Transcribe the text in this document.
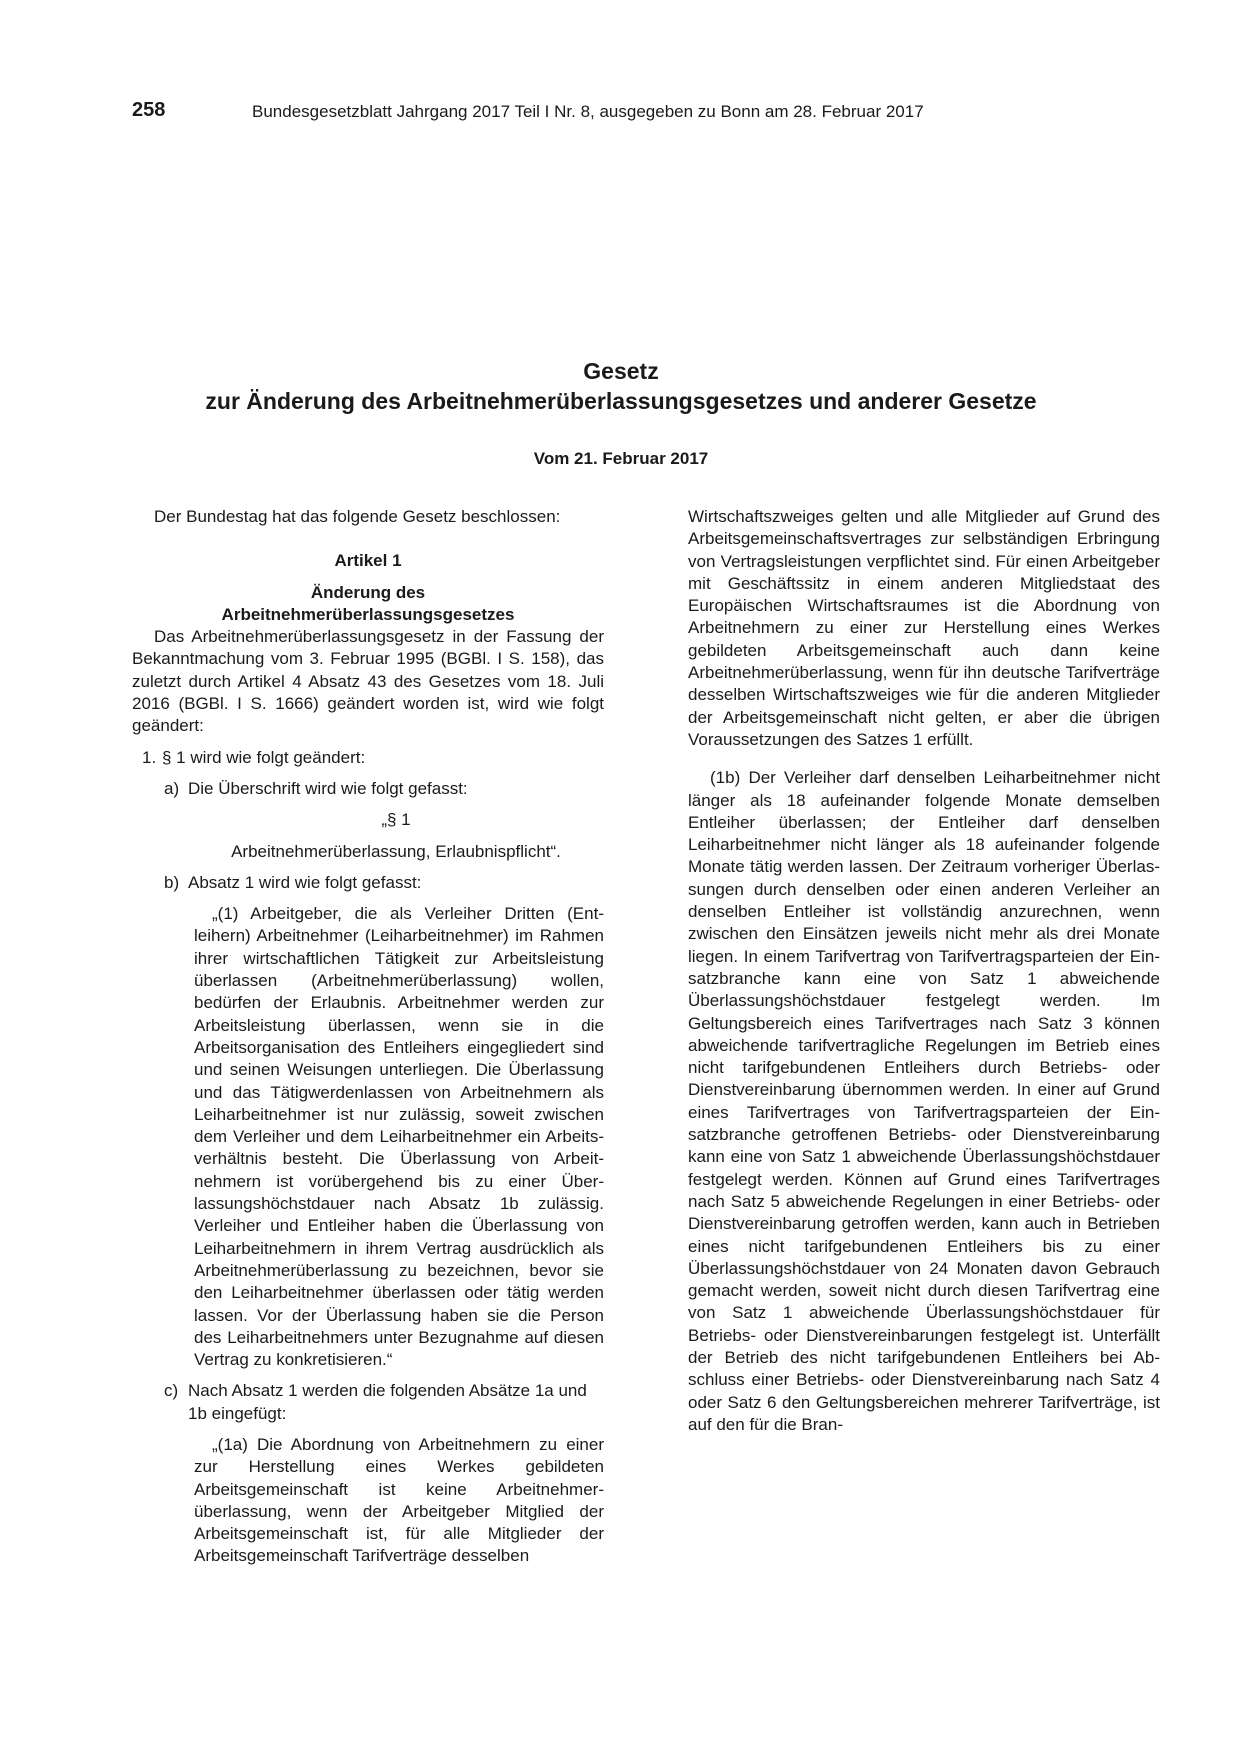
258	Bundesgesetzblatt Jahrgang 2017 Teil I Nr. 8, ausgegeben zu Bonn am 28. Februar 2017

Gesetz

zur Änderung des Arbeitnehmerüberlassungsgesetzes und anderer Gesetze

Vom 21. Februar 2017

Der Bundestag hat das folgende Gesetz beschlossen:

Artikel 1

Änderung des

Arbeitnehmerüberlassungsgesetzes

Das Arbeitnehmerüberlassungsgesetz in der Fassung der Bekanntmachung vom 3. Februar 1995 (BGBl. I S. 158), das zuletzt durch Artikel 4 Absatz 43 des Gesetzes vom 18. Juli 2016 (BGBl. I S. 1666) geändert worden ist, wird wie folgt geändert:

1. § 1 wird wie folgt geändert:
a) Die Überschrift wird wie folgt gefasst:

„§ 1

Arbeitnehmerüberlassung, Erlaubnispflicht“.

b) Absatz 1 wird wie folgt gefasst:

„(1) Arbeitgeber, die als Verleiher Dritten (Entleihern) Arbeitnehmer (Leiharbeitnehmer) im Rahmen ihrer wirtschaftlichen Tätigkeit zur Arbeitsleistung überlassen (Arbeitnehmerüberlassung) wollen, bedürfen der Erlaubnis. Arbeitnehmer werden zur Arbeitsleistung überlassen, wenn sie in die Arbeitsorganisation des Entleihers eingegliedert sind und seinen Weisungen unterliegen. Die Überlassung und das Tätigwerdenlassen von Arbeitnehmern als Leiharbeitnehmer ist nur zulässig, soweit zwischen dem Verleiher und dem Leiharbeitnehmer ein Arbeitsverhältnis besteht. Die Überlassung von Arbeitnehmern ist vorübergehend bis zu einer Überlassungshöchstdauer nach Absatz 1b zulässig. Verleiher und Entleiher haben die Überlassung von Leiharbeitnehmern in ihrem Vertrag ausdrücklich als Arbeitnehmerüberlassung zu bezeichnen, bevor sie den Leiharbeitnehmer überlassen oder tätig werden lassen. Vor der Überlassung haben sie die Person des Leiharbeitnehmers unter Bezugnahme auf diesen Vertrag zu konkretisieren.“

c) Nach Absatz 1 werden die folgenden Absätze 1a und 1b eingefügt:

„(1a) Die Abordnung von Arbeitnehmern zu einer zur Herstellung eines Werkes gebildeten Arbeitsgemeinschaft ist keine Arbeitnehmerüberlassung, wenn der Arbeitgeber Mitglied der Arbeitsgemeinschaft ist, für alle Mitglieder der Arbeitsgemeinschaft Tarifverträge desselben

Wirtschaftszweiges gelten und alle Mitglieder auf Grund des Arbeitsgemeinschaftsvertrages zur selbständigen Erbringung von Vertragsleistungen verpflichtet sind. Für einen Arbeitgeber mit Geschäftssitz in einem anderen Mitgliedstaat des Europäischen Wirtschaftsraumes ist die Abordnung von Arbeitnehmern zu einer zur Herstellung eines Werkes gebildeten Arbeitsgemeinschaft auch dann keine Arbeitnehmerüberlassung, wenn für ihn deutsche Tarifverträge desselben Wirtschaftszweiges wie für die anderen Mitglieder der Arbeitsgemeinschaft nicht gelten, er aber die übrigen Voraussetzungen des Satzes 1 erfüllt.

(1b) Der Verleiher darf denselben Leiharbeitnehmer nicht länger als 18 aufeinander folgende Monate demselben Entleiher überlassen; der Entleiher darf denselben Leiharbeitnehmer nicht länger als 18 aufeinander folgende Monate tätig werden lassen. Der Zeitraum vorheriger Überlassungen durch denselben oder einen anderen Verleiher an denselben Entleiher ist vollständig anzurechnen, wenn zwischen den Einsätzen jeweils nicht mehr als drei Monate liegen. In einem Tarifvertrag von Tarifvertragsparteien der Einsatzbranche kann eine von Satz 1 abweichende Überlassungshöchstdauer festgelegt werden. Im Geltungsbereich eines Tarifvertrages nach Satz 3 können abweichende tarifvertragliche Regelungen im Betrieb eines nicht tarifgebundenen Entleihers durch Betriebs- oder Dienstvereinbarung übernommen werden. In einer auf Grund eines Tarifvertrages von Tarifvertragsparteien der Einsatzbranche getroffenen Betriebs- oder Dienstvereinbarung kann eine von Satz 1 abweichende Überlassungshöchstdauer festgelegt werden. Können auf Grund eines Tarifvertrages nach Satz 5 abweichende Regelungen in einer Betriebs- oder Dienstvereinbarung getroffen werden, kann auch in Betrieben eines nicht tarifgebundenen Entleihers bis zu einer Überlassungshöchstdauer von 24 Monaten davon Gebrauch gemacht werden, soweit nicht durch diesen Tarifvertrag eine von Satz 1 abweichende Überlassungshöchstdauer für Betriebs- oder Dienstvereinbarungen festgelegt ist. Unterfällt der Betrieb des nicht tarifgebundenen Entleihers bei Abschluss einer Betriebs- oder Dienstvereinbarung nach Satz 4 oder Satz 6 den Geltungsbereichen mehrerer Tarifverträge, ist auf den für die Bran-
